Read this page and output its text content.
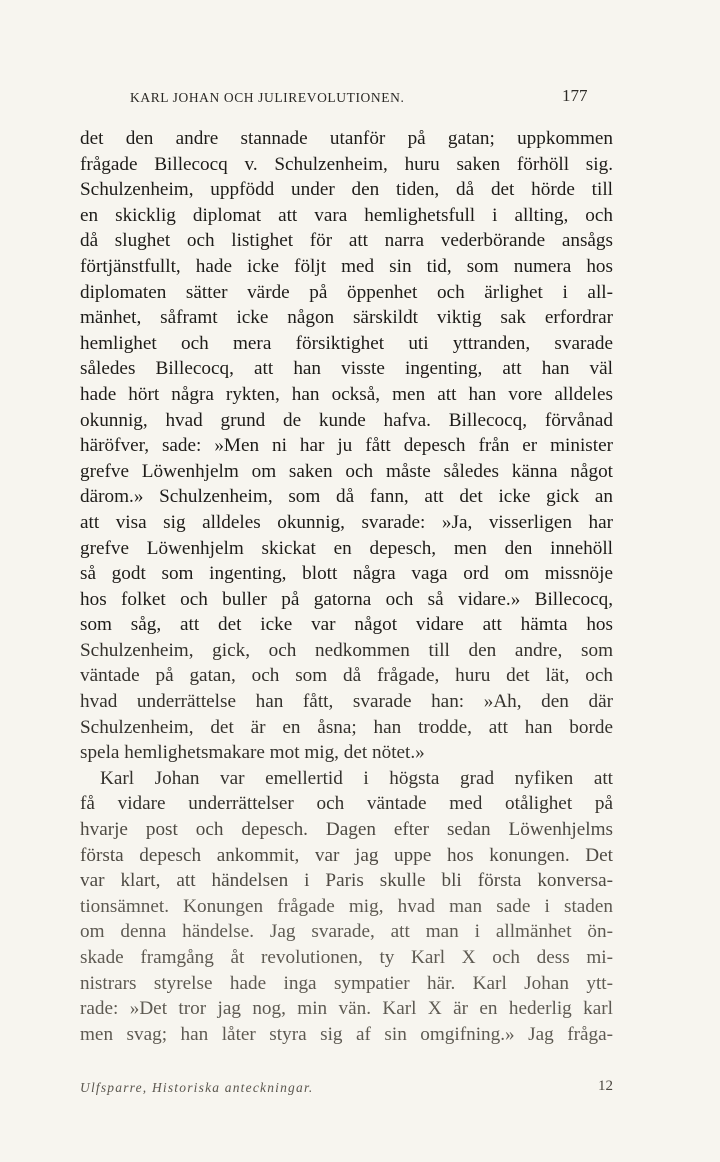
KARL JOHAN OCH JULIREVOLUTIONEN.	177
det den andre stannade utanför på gatan; uppkommen
frågade Billecocq v. Schulzenheim, huru saken förhöll sig.
Schulzenheim, uppfödd under den tiden, då det hörde till
en skicklig diplomat att vara hemlighetsfull i allting, och
då slughet och listighet för att narra vederbörande ansågs
förtjänstfullt, hade icke följt med sin tid, som numera hos
diplomaten sätter värde på öppenhet och ärlighet i all-
mänhet, såframt icke någon särskildt viktig sak erfordrar
hemlighet och mera försiktighet uti yttranden, svarade
således Billecocq, att han visste ingenting, att han väl
hade hört några rykten, han också, men att han vore alldeles
okunnig, hvad grund de kunde hafva. Billecocq, förvånad
häröfver, sade: »Men ni har ju fått depesch från er minister
grefve Löwenhjelm om saken och måste således känna något
därom.» Schulzenheim, som då fann, att det icke gick an
att visa sig alldeles okunnig, svarade: »Ja, visserligen har
grefve Löwenhjelm skickat en depesch, men den innehöll
så godt som ingenting, blott några vaga ord om missnöje
hos folket och buller på gatorna och så vidare.» Billecocq,
som såg, att det icke var något vidare att hämta hos
Schulzenheim, gick, och nedkommen till den andre, som
väntade på gatan, och som då frågade, huru det lät, och
hvad underrättelse han fått, svarade han: »Ah, den där
Schulzenheim, det är en åsna; han trodde, att han borde
spela hemlighetsmakare mot mig, det nötet.»
Karl Johan var emellertid i högsta grad nyfiken att
få vidare underrättelser och väntade med otålighet på
hvarje post och depesch. Dagen efter sedan Löwenhjelms
första depesch ankommit, var jag uppe hos konungen. Det
var klart, att händelsen i Paris skulle bli första konversa-
tionsämnet. Konungen frågade mig, hvad man sade i staden
om denna händelse. Jag svarade, att man i allmänhet ön-
skade framgång åt revolutionen, ty Karl X och dess mi-
nistrars styrelse hade inga sympatier här. Karl Johan ytt-
rade: »Det tror jag nog, min vän. Karl X är en hederlig karl
men svag; han låter styra sig af sin omgifning.» Jag fråga-
Ulfsparre, Historiska anteckningar.	12
